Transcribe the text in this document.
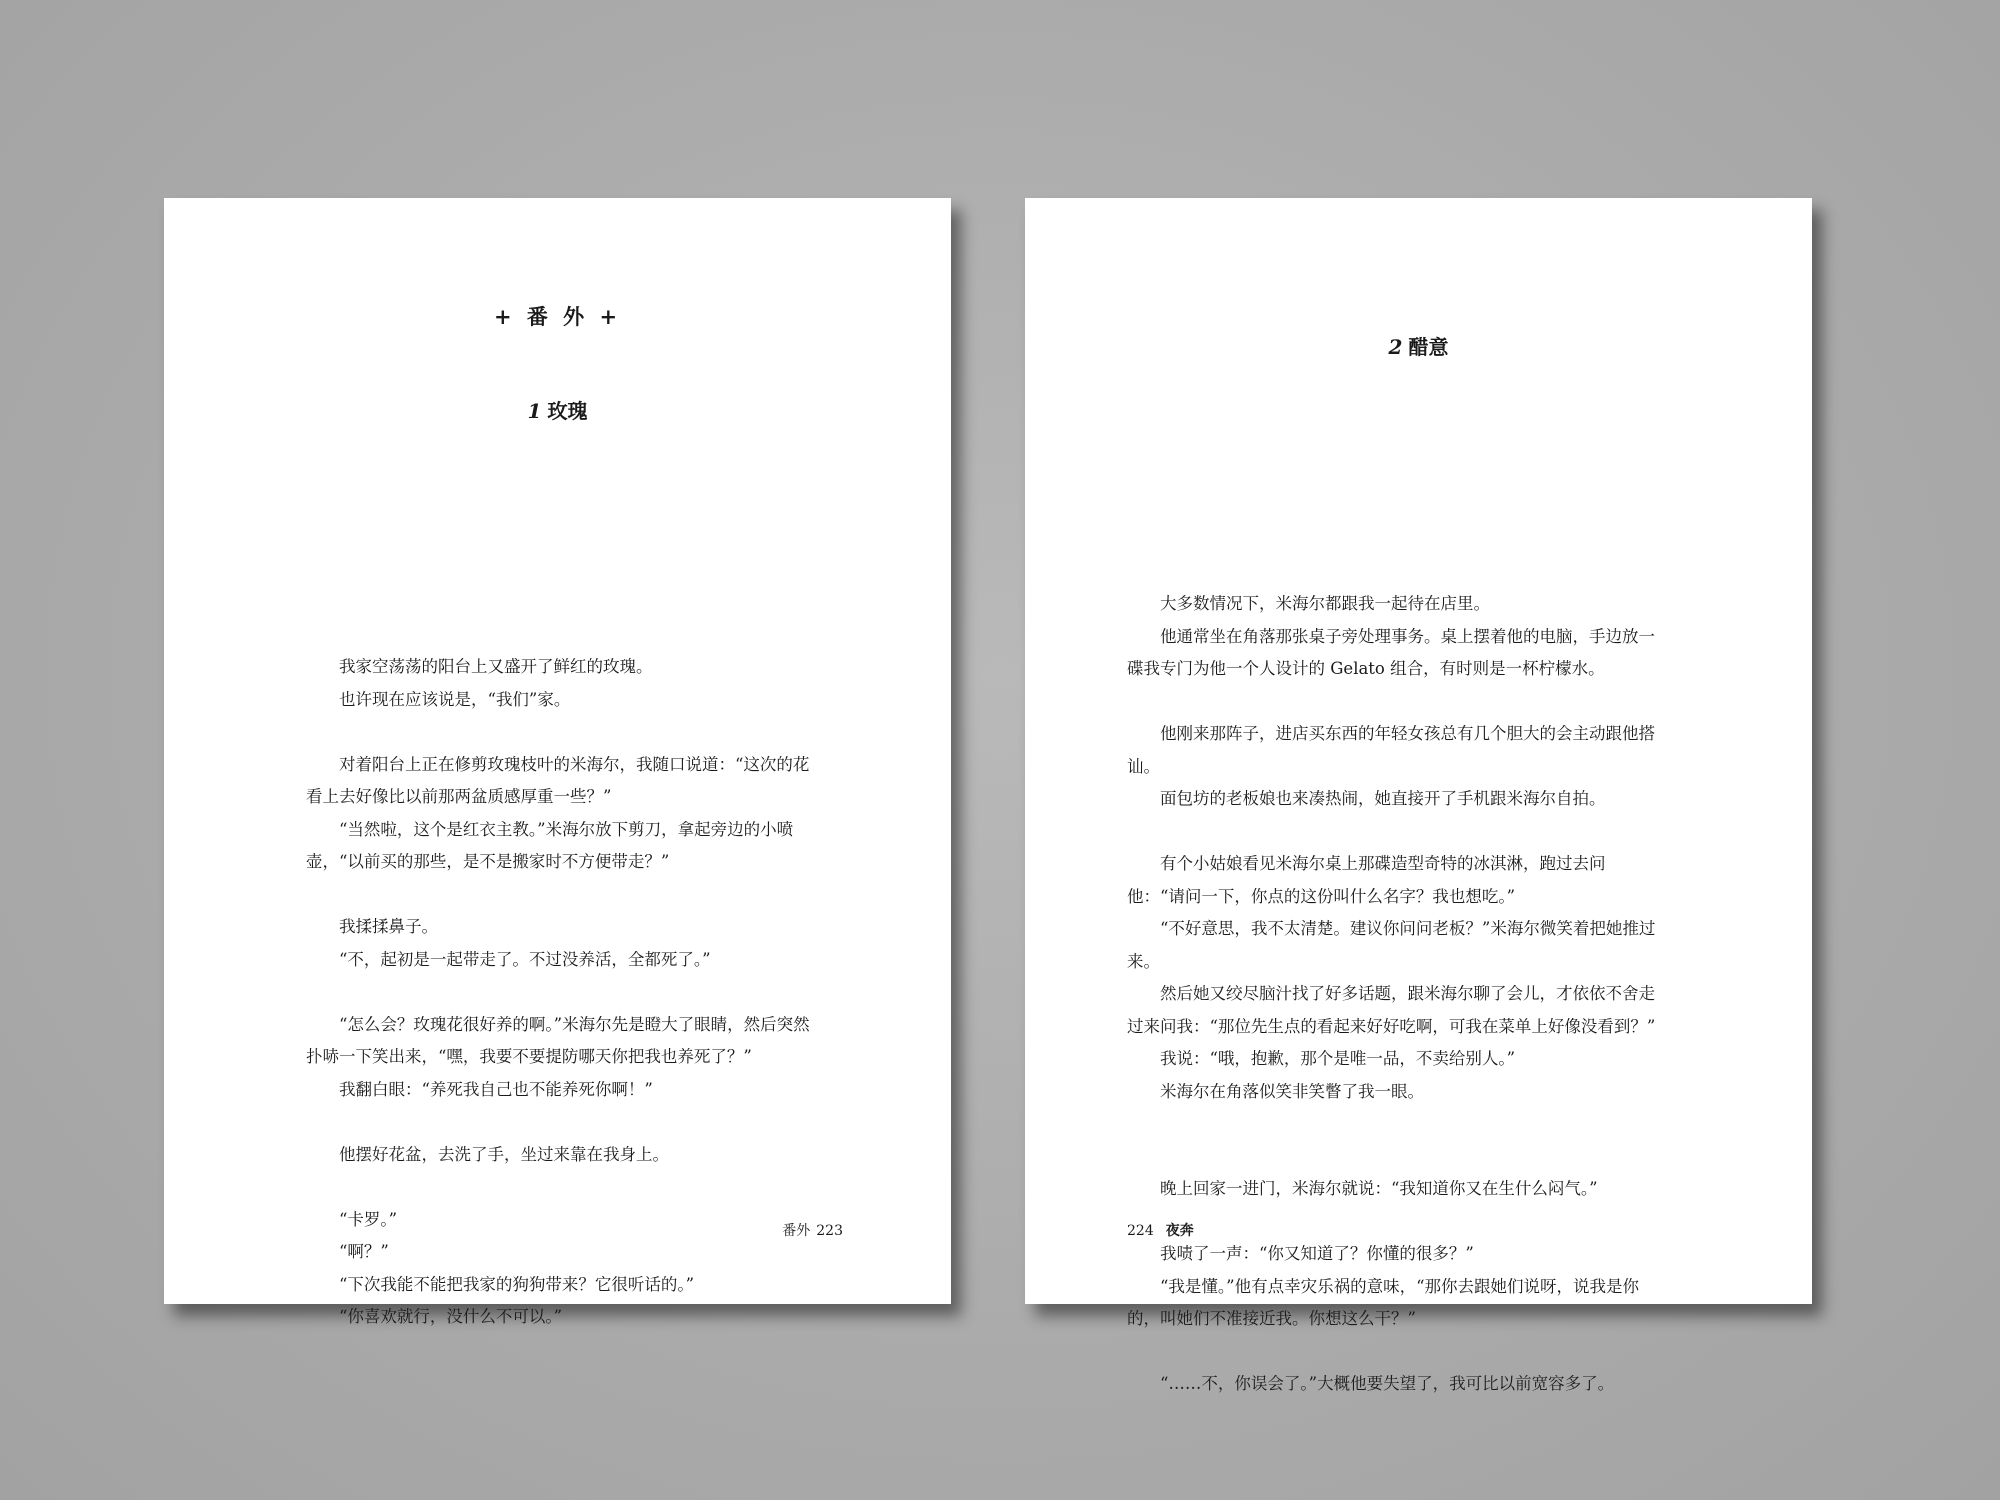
+ 番 外 +
1 玫瑰

我家空荡荡的阳台上又盛开了鲜红的玫瑰。

也许现在应该说是，“我们”家。

对着阳台上正在修剪玫瑰枝叶的米海尔，我随口说道：“这次的花看上去好像比以前那两盆质感厚重一些？”

“当然啦，这个是红衣主教。”米海尔放下剪刀，拿起旁边的小喷壶，“以前买的那些，是不是搬家时不方便带走？”

我揉揉鼻子。

“不，起初是一起带走了。不过没养活，全都死了。”

“怎么会？玫瑰花很好养的啊。”米海尔先是瞪大了眼睛，然后突然扑哧一下笑出来，“嘿，我要不要提防哪天你把我也养死了？”

我翻白眼：“养死我自己也不能养死你啊！”

他摆好花盆，去洗了手，坐过来靠在我身上。

“卡罗。”

“啊？”

“下次我能不能把我家的狗狗带来？它很听话的。”

“你喜欢就行，没什么不可以。”

番外 223
2 醋意

大多数情况下，米海尔都跟我一起待在店里。

他通常坐在角落那张桌子旁处理事务。桌上摆着他的电脑，手边放一碟我专门为他一个人设计的 Gelato 组合，有时则是一杯柠檬水。

他刚来那阵子，进店买东西的年轻女孩总有几个胆大的会主动跟他搭讪。

面包坊的老板娘也来凑热闹，她直接开了手机跟米海尔自拍。

有个小姑娘看见米海尔桌上那碟造型奇特的冰淇淋，跑过去问他：“请问一下，你点的这份叫什么名字？我也想吃。”

“不好意思，我不太清楚。建议你问问老板？”米海尔微笑着把她推过来。

然后她又绞尽脑汁找了好多话题，跟米海尔聊了会儿，才依依不舍走过来问我：“那位先生点的看起来好好吃啊，可我在菜单上好像没看到？”

我说：“哦，抱歉，那个是唯一品，不卖给别人。”

米海尔在角落似笑非笑瞥了我一眼。

晚上回家一进门，米海尔就说：“我知道你又在生什么闷气。”

我啧了一声：“你又知道了？你懂的很多？”

“我是懂。”他有点幸灾乐祸的意味，“那你去跟她们说呀，说我是你的，叫她们不准接近我。你想这么干？”

“……不，你误会了。”大概他要失望了，我可比以前宽容多了。

224 夜奔
